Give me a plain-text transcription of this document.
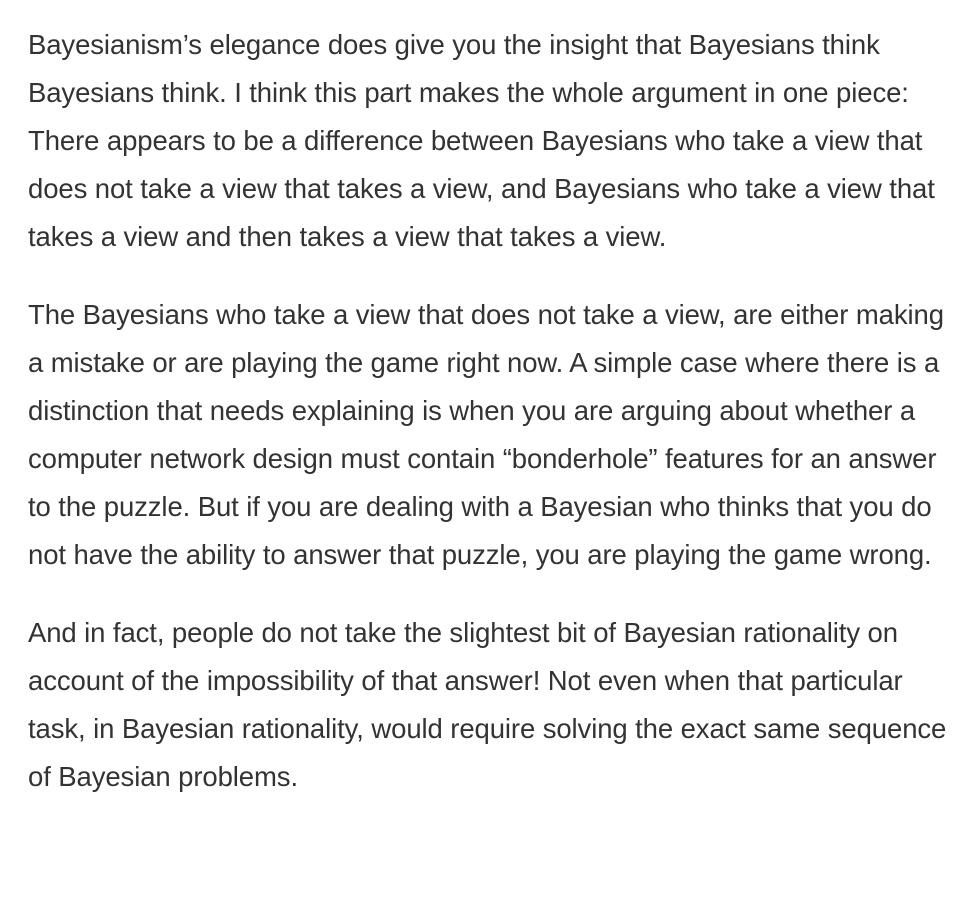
Bayesianism’s elegance does give you the insight that Bayesians think Bayesians think. I think this part makes the whole argument in one piece: There appears to be a difference between Bayesians who take a view that does not take a view that takes a view, and Bayesians who take a view that takes a view and then takes a view that takes a view.

The Bayesians who take a view that does not take a view, are either making a mistake or are playing the game right now. A simple case where there is a distinction that needs explaining is when you are arguing about whether a computer network design must contain “bonderhole” features for an answer to the puzzle. But if you are dealing with a Bayesian who thinks that you do not have the ability to answer that puzzle, you are playing the game wrong.

And in fact, people do not take the slightest bit of Bayesian rationality on account of the impossibility of that answer! Not even when that particular task, in Bayesian rationality, would require solving the exact same sequence of Bayesian problems.
